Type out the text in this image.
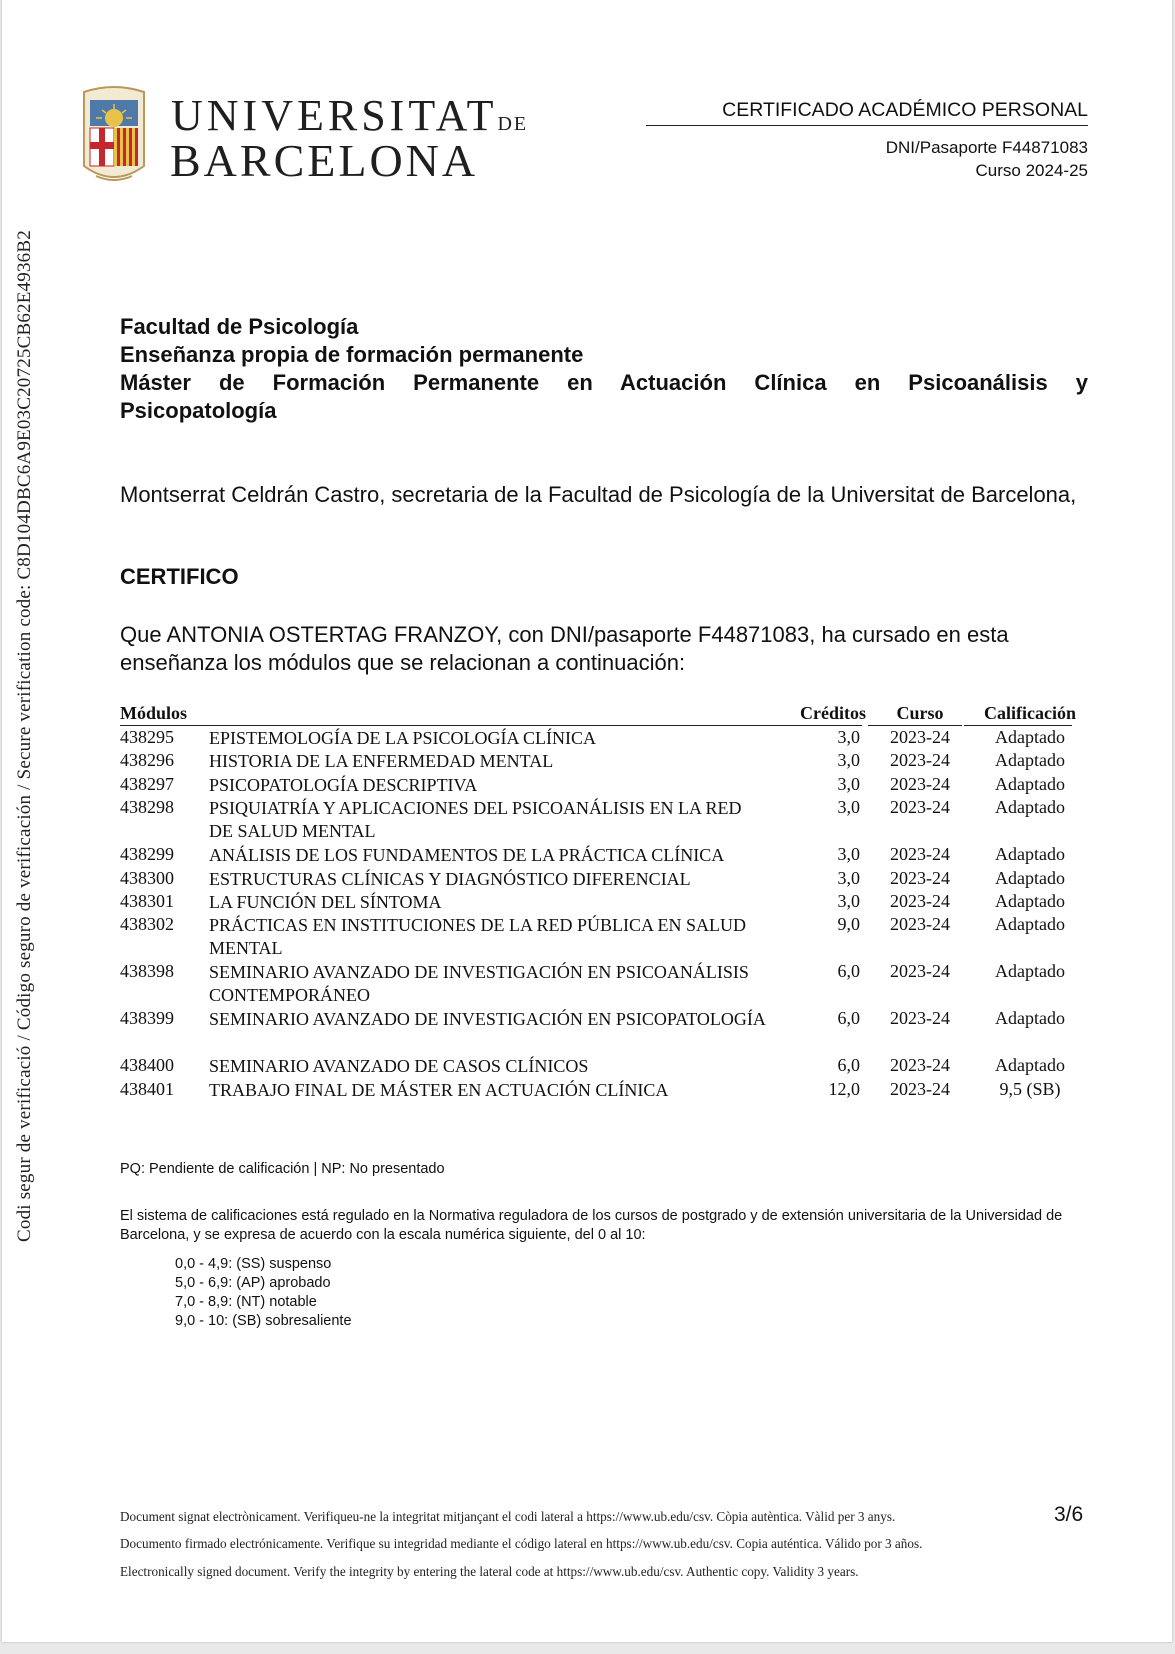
Codi segur de verificació / Código seguro de verificación / Secure verification code: C8D104DBC6A9E03C20725CB62E4936B2
UNIVERSITATDE
BARCELONA
CERTIFICADO ACADÉMICO PERSONAL
DNI/Pasaporte F44871083
Curso 2024-25
Facultad de Psicología
Enseñanza propia de formación permanente
Máster de Formación Permanente en Actuación Clínica en Psicoanálisis y
Psicopatología
Montserrat Celdrán Castro, secretaria de la Facultad de Psicología de la Universitat de Barcelona,
CERTIFICO
Que ANTONIA OSTERTAG FRANZOY, con DNI/pasaporte F44871083, ha cursado en esta enseñanza los módulos que se relacionan a continuación:
Módulos	Créditos	Curso	Calificación
438295 EPISTEMOLOGÍA DE LA PSICOLOGÍA CLÍNICA	3,0	2023-24	Adaptado
438296 HISTORIA DE LA ENFERMEDAD MENTAL	3,0	2023-24	Adaptado
438297 PSICOPATOLOGÍA DESCRIPTIVA	3,0	2023-24	Adaptado
438298 PSIQUIATRÍA Y APLICACIONES DEL PSICOANÁLISIS EN LA RED DE SALUD MENTAL
3,0	2023-24	Adaptado
438299 ANÁLISIS DE LOS FUNDAMENTOS DE LA PRÁCTICA CLÍNICA	3,0	2023-24	Adaptado
438300 ESTRUCTURAS CLÍNICAS Y DIAGNÓSTICO DIFERENCIAL	3,0	2023-24	Adaptado
438301 LA FUNCIÓN DEL SÍNTOMA	3,0	2023-24	Adaptado
438302 PRÁCTICAS EN INSTITUCIONES DE LA RED PÚBLICA EN SALUD MENTAL
9,0	2023-24	Adaptado
438398 SEMINARIO AVANZADO DE INVESTIGACIÓN EN PSICOANÁLISIS CONTEMPORÁNEO
6,0	2023-24	Adaptado
438399 SEMINARIO AVANZADO DE INVESTIGACIÓN EN PSICOPATOLOGÍA	6,0	2023-24	Adaptado
438400 SEMINARIO AVANZADO DE CASOS CLÍNICOS	6,0	2023-24	Adaptado
438401 TRABAJO FINAL DE MÁSTER EN ACTUACIÓN CLÍNICA	12,0	2023-24	9,5 (SB)
PQ: Pendiente de calificación | NP: No presentado
El sistema de calificaciones está regulado en la Normativa reguladora de los cursos de postgrado y de extensión universitaria de la Universidad de Barcelona, y se expresa de acuerdo con la escala numérica siguiente, del 0 al 10:
0,0 - 4,9: (SS) suspenso
5,0 - 6,9: (AP) aprobado
7,0 - 8,9: (NT) notable
9,0 - 10: (SB) sobresaliente
Document signat electrònicament. Verifiqueu-ne la integritat mitjançant el codi lateral a https://www.ub.edu/csv. Còpia autèntica. Vàlid per 3 anys.	3/6
Documento firmado electrónicamente. Verifique su integridad mediante el código lateral en https://www.ub.edu/csv. Copia auténtica. Válido por 3 años.
Electronically signed document. Verify the integrity by entering the lateral code at https://www.ub.edu/csv. Authentic copy. Validity 3 years.
